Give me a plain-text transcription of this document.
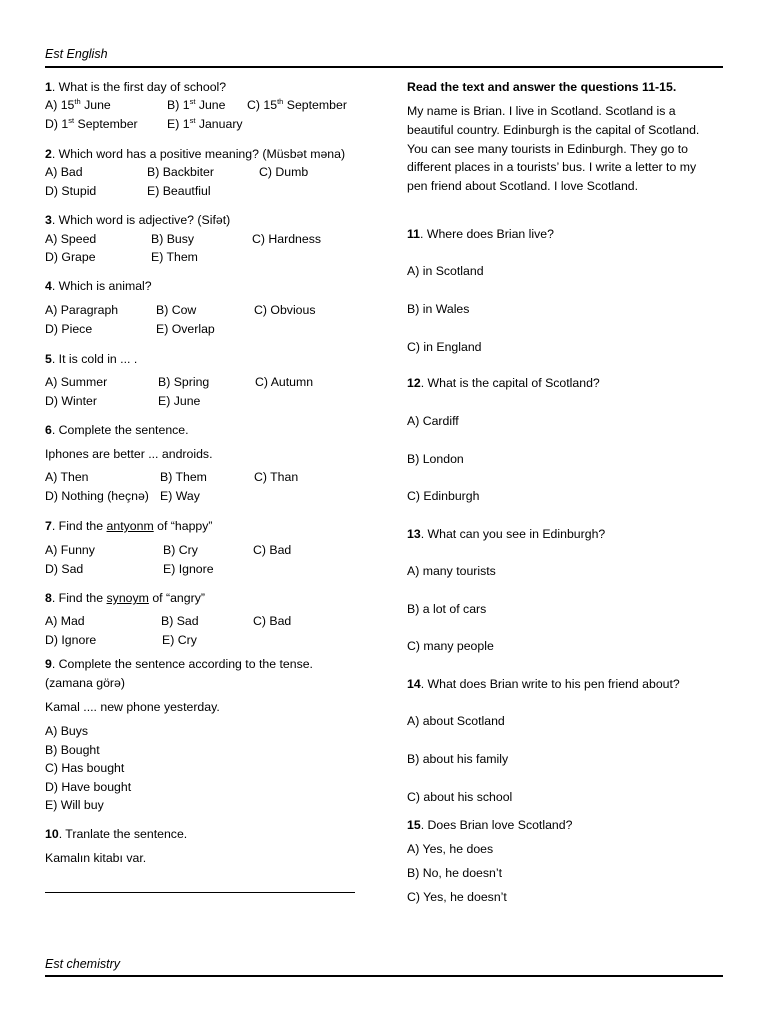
Est English
1. What is the first day of school?
A) 15th June	B) 1st June C) 15th September
D) 1st September E) 1st January
2. Which word has a positive meaning? (Müsbət məna)
A) Bad	B) Backbiter	C) Dumb
D) Stupid	E) Beautfiul
3. Which word is adjective? (Sifət)
A) Speed	B) Busy	C) Hardness
D) Grape	E) Them
4. Which is animal?
A) Paragraph	B) Cow	C) Obvious
D) Piece	E) Overlap
5. It is cold in ... .
A) Summer	B) Spring	C) Autumn
D) Winter	E) June
6. Complete the sentence.
Iphones are better ... androids.
A) Then	B) Them	C) Than
D) Nothing (heçnə) E) Way
7. Find the antyonm of “happy”
A) Funny	B) Cry	C) Bad
D) Sad	E) Ignore
8. Find the synoym of “angry”
A) Mad	B) Sad	C) Bad
D) Ignore	E) Cry
9. Complete the sentence according to the tense.
(zamana görə)
Kamal .... new phone yesterday.
A) Buys
B) Bought
C) Has bought
D) Have bought
E) Will buy
10. Tranlate the sentence.
Kamalın kitabı var.
Read the text and answer the questions 11-15.
My name is Brian. I live in Scotland. Scotland is a beautiful country. Edinburgh is the capital of Scotland. You can see many tourists in Edinburgh. They go to different places in a tourists’ bus. I write a letter to my pen friend about Scotland. I love Scotland.
11. Where does Brian live?
A) in Scotland
B) in Wales
C) in England
12. What is the capital of Scotland?
A) Cardiff
B) London
C) Edinburgh
13. What can you see in Edinburgh?
A) many tourists
B) a lot of cars
C) many people
14. What does Brian write to his pen friend about?
A) about Scotland
B) about his family
C) about his school
15. Does Brian love Scotland?
A) Yes, he does
B) No, he doesn’t
C) Yes, he doesn’t
Est chemistry
